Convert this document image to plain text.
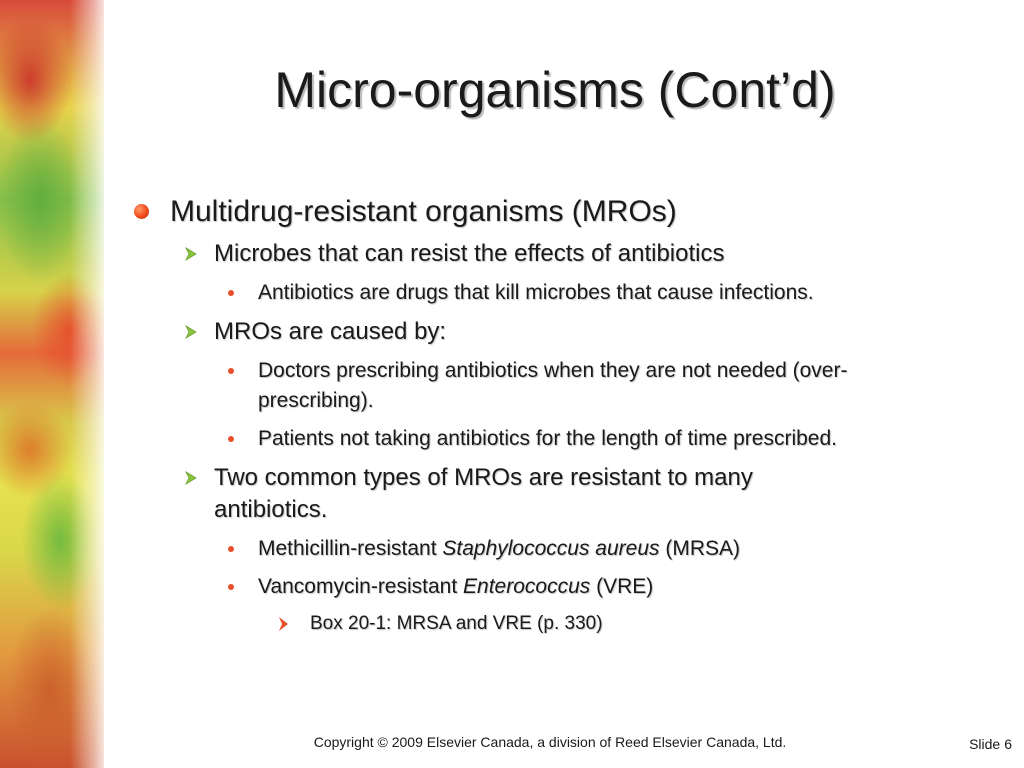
Micro-organisms (Cont’d)
Multidrug-resistant organisms (MROs)
Microbes that can resist the effects of antibiotics
Antibiotics are drugs that kill microbes that cause infections.
MROs are caused by:
Doctors prescribing antibiotics when they are not needed (over-
prescribing).
Patients not taking antibiotics for the length of time prescribed.
Two common types of MROs are resistant to many
antibiotics.
Methicillin-resistant Staphylococcus aureus (MRSA)
Vancomycin-resistant Enterococcus (VRE)
Box 20-1: MRSA and VRE (p. 330)
Copyright © 2009 Elsevier Canada, a division of Reed Elsevier Canada, Ltd.	Slide 6
